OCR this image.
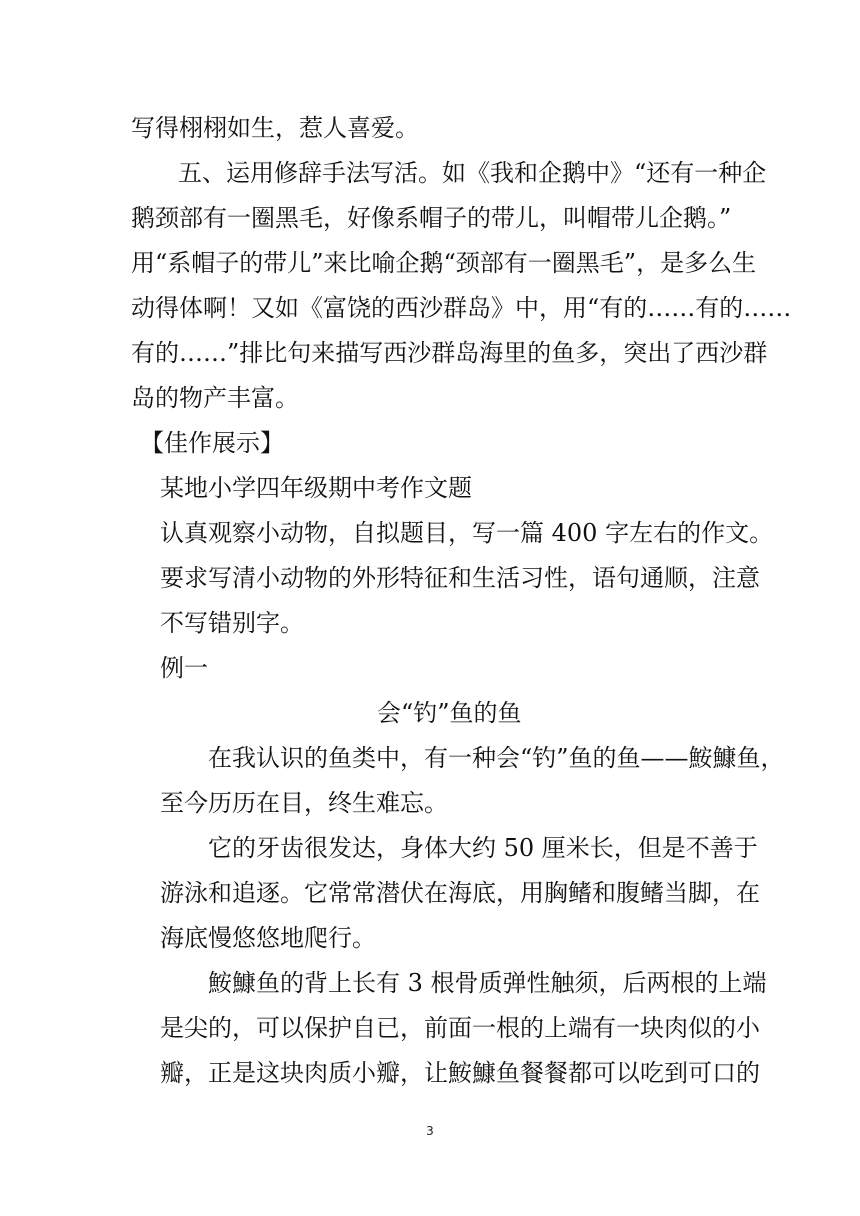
写得栩栩如生，惹人喜爱。

五、运用修辞手法写活。如《我和企鹅中》“还有一种企

鹅颈部有一圈黑毛，好像系帽子的带儿，叫帽带儿企鹅。”

用“系帽子的带儿”来比喻企鹅“颈部有一圈黑毛”，是多么生

动得体啊！又如《富饶的西沙群岛》中，用“有的……有的……

有的……”排比句来描写西沙群岛海里的鱼多，突出了西沙群

岛的物产丰富。

【佳作展示】

某地小学四年级期中考作文题

认真观察小动物，自拟题目，写一篇 400 字左右的作文。

要求写清小动物的外形特征和生活习性，语句通顺，注意

不写错别字。

例一

会“钓”鱼的鱼

在我认识的鱼类中，有一种会“钓”鱼的鱼——鮟鱇鱼，

至今历历在目，终生难忘。

它的牙齿很发达，身体大约 50 厘米长，但是不善于

游泳和追逐。它常常潜伏在海底，用胸鳍和腹鳍当脚，在

海底慢悠悠地爬行。

鮟鱇鱼的背上长有 3 根骨质弹性触须，后两根的上端

是尖的，可以保护自已，前面一根的上端有一块肉似的小

瓣，正是这块肉质小瓣，让鮟鱇鱼餐餐都可以吃到可口的

3
